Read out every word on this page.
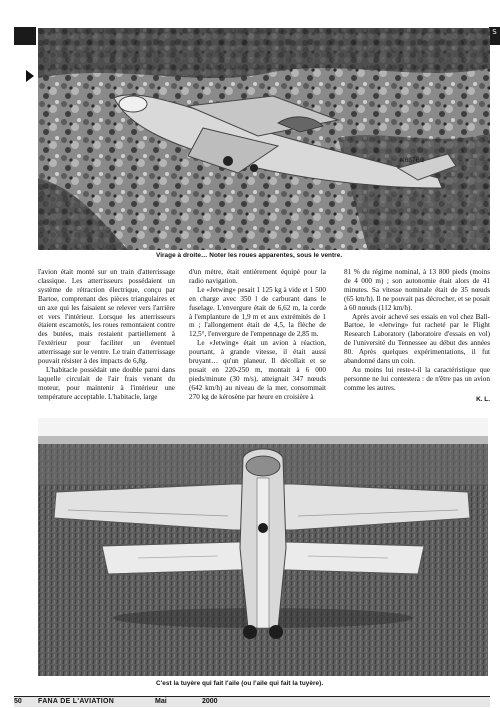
S
N637BC
Virage à droite… Noter les roues apparentes, sous le ventre.

l'avion était monté sur un train d'atterrissage classique. Les atterrisseurs possédaient un système de rétraction électrique, conçu par Bartoe, comprenant des pièces triangulaires et un axe qui les faisaient se relever vers l'arrière et vers l'intérieur. Lorsque les atterrisseurs étaient escamotés, les roues remontaient contre des butées, mais restaient partiellement à l'extérieur pour faciliter un éventuel atterrissage sur le ventre. Le train d'atterrissage pouvait résister à des impacts de 6,8g.

L'habitacle possédait une double paroi dans laquelle circulait de l'air frais venant du moteur, pour maintenir à l'intérieur une température acceptable. L'habitacle, large

d'un mètre, était entièrement équipé pour la radio navigation.

Le «Jetwing» pesait 1 125 kg à vide et 1 500 en charge avec 350 l de carburant dans le fuselage. L'envergure était de 6,62 m, la corde à l'emplanture de 1,9 m et aux extrémités de 1 m ; l'allongement était de 4,5, la flèche de 12,5°, l'envergure de l'empennage de 2,85 m.

Le «Jetwing» était un avion à réaction, pourtant, à grande vitesse, il était aussi bruyant… qu'un planeur. Il décollait et se posait en 220-250 m, montait à 6 000 pieds/minute (30 m/s), atteignait 347 nœuds (642 km/h) au niveau de la mer, consommait 270 kg de kérosène par heure en croisière à

81 % du régime nominal, à 13 800 pieds (moins de 4 000 m) ; son autonomie était alors de 41 minutes. Sa vitesse nominale était de 35 nœuds (65 km/h). Il ne pouvait pas décrocher, et se posait à 60 nœuds (112 km/h).

Après avoir achevé ses essais en vol chez Ball-Bartoe, le «Jetwing» fut racheté par le Flight Research Laboratory (laboratoire d'essais en vol) de l'université du Tennessee au début des années 80. Après quelques expérimentations, il fut abandonné dans un coin.

Au moins lui reste-t-il la caractéristique que personne ne lui contestera : de n'être pas un avion comme les autres.

K. L.
C'est la tuyère qui fait l'aile (ou l'aile qui fait la tuyère).
50 FANA DE L'AVIATION	Mai	2000
